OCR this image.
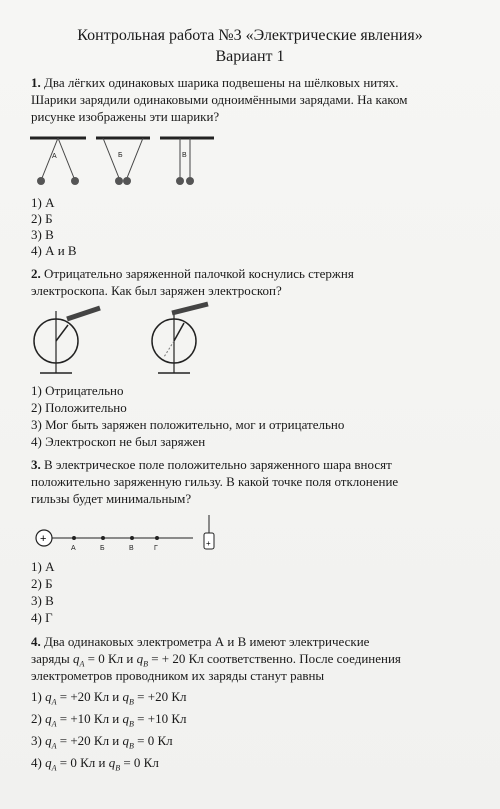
Контрольная работа №3 «Электрические явления»
Вариант 1
1. Два лёгких одинаковых шарика подвешены на шёлковых нитях.
Шарики зарядили одинаковыми одноимёнными зарядами. На каком
рисунке изображены эти шарики?
А	Б	В
1) А
2) Б
3) В
4) А и В
2. Отрицательно заряженной палочкой коснулись стержня
электроскопа. Как был заряжен электроскоп?
1) Отрицательно
2) Положительно
3) Мог быть заряжен положительно, мог и отрицательно
4) Электроскоп не был заряжен
3. В электрическое поле положительно заряженного шара вносят
положительно заряженную гильзу. В какой точке поля отклонение
гильзы будет минимальным?
+
А	Б	В	Г
+
1) А
2) Б
3) В
4) Г
4. Два одинаковых электрометра А и В имеют электрические
заряды $q_A = 0$ Кл и $q_B$ = + 20 Кл соответственно. После соединения
электрометров проводником их заряды станут равны
1) $q_A = +20$ Кл и $q_B = +20$ Кл
2) $q_A = +10$ Кл и $q_B = +10$ Кл
3) $q_A = +20$ Кл и $q_B = 0$ Кл
4) $q_A = 0$ Кл и $q_B = 0$ Кл
